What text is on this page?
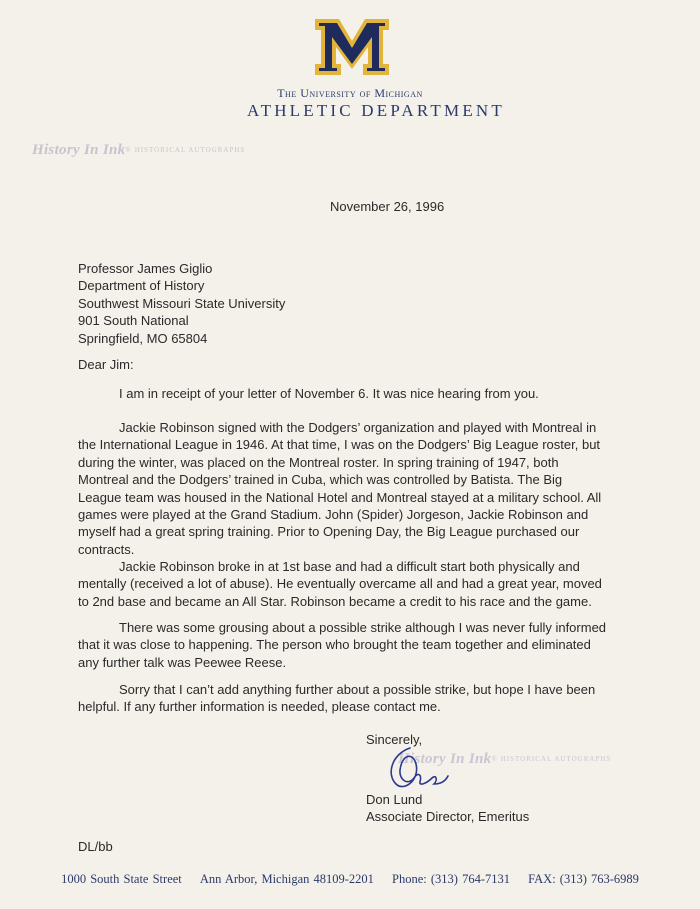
The University of Michigan
ATHLETIC DEPARTMENT
History In Ink® HISTORICAL AUTOGRAPHS
November 26, 1996
Professor James Giglio
Department of History
Southwest Missouri State University
901 South National
Springfield, MO 65804
Dear Jim:
I am in receipt of your letter of November 6. It was nice hearing from you.
Jackie Robinson signed with the Dodgers’ organization and played with Montreal in
the International League in 1946. At that time, I was on the Dodgers’ Big League roster, but
during the winter, was placed on the Montreal roster. In spring training of 1947, both
Montreal and the Dodgers’ trained in Cuba, which was controlled by Batista. The Big
League team was housed in the National Hotel and Montreal stayed at a military school. All
games were played at the Grand Stadium. John (Spider) Jorgeson, Jackie Robinson and
myself had a great spring training. Prior to Opening Day, the Big League purchased our
contracts.
Jackie Robinson broke in at 1st base and had a difficult start both physically and
mentally (received a lot of abuse). He eventually overcame all and had a great year, moved
to 2nd base and became an All Star. Robinson became a credit to his race and the game.
There was some grousing about a possible strike although I was never fully informed
that it was close to happening. The person who brought the team together and eliminated
any further talk was Peewee Reese.
Sorry that I can’t add anything further about a possible strike, but hope I have been
helpful. If any further information is needed, please contact me.
History In Ink® HISTORICAL AUTOGRAPHS
Sincerely,
Don Lund
Associate Director, Emeritus
DL/bb
1000 South State Street Ann Arbor, Michigan 48109-2201 Phone: (313) 764-7131 FAX: (313) 763-6989
